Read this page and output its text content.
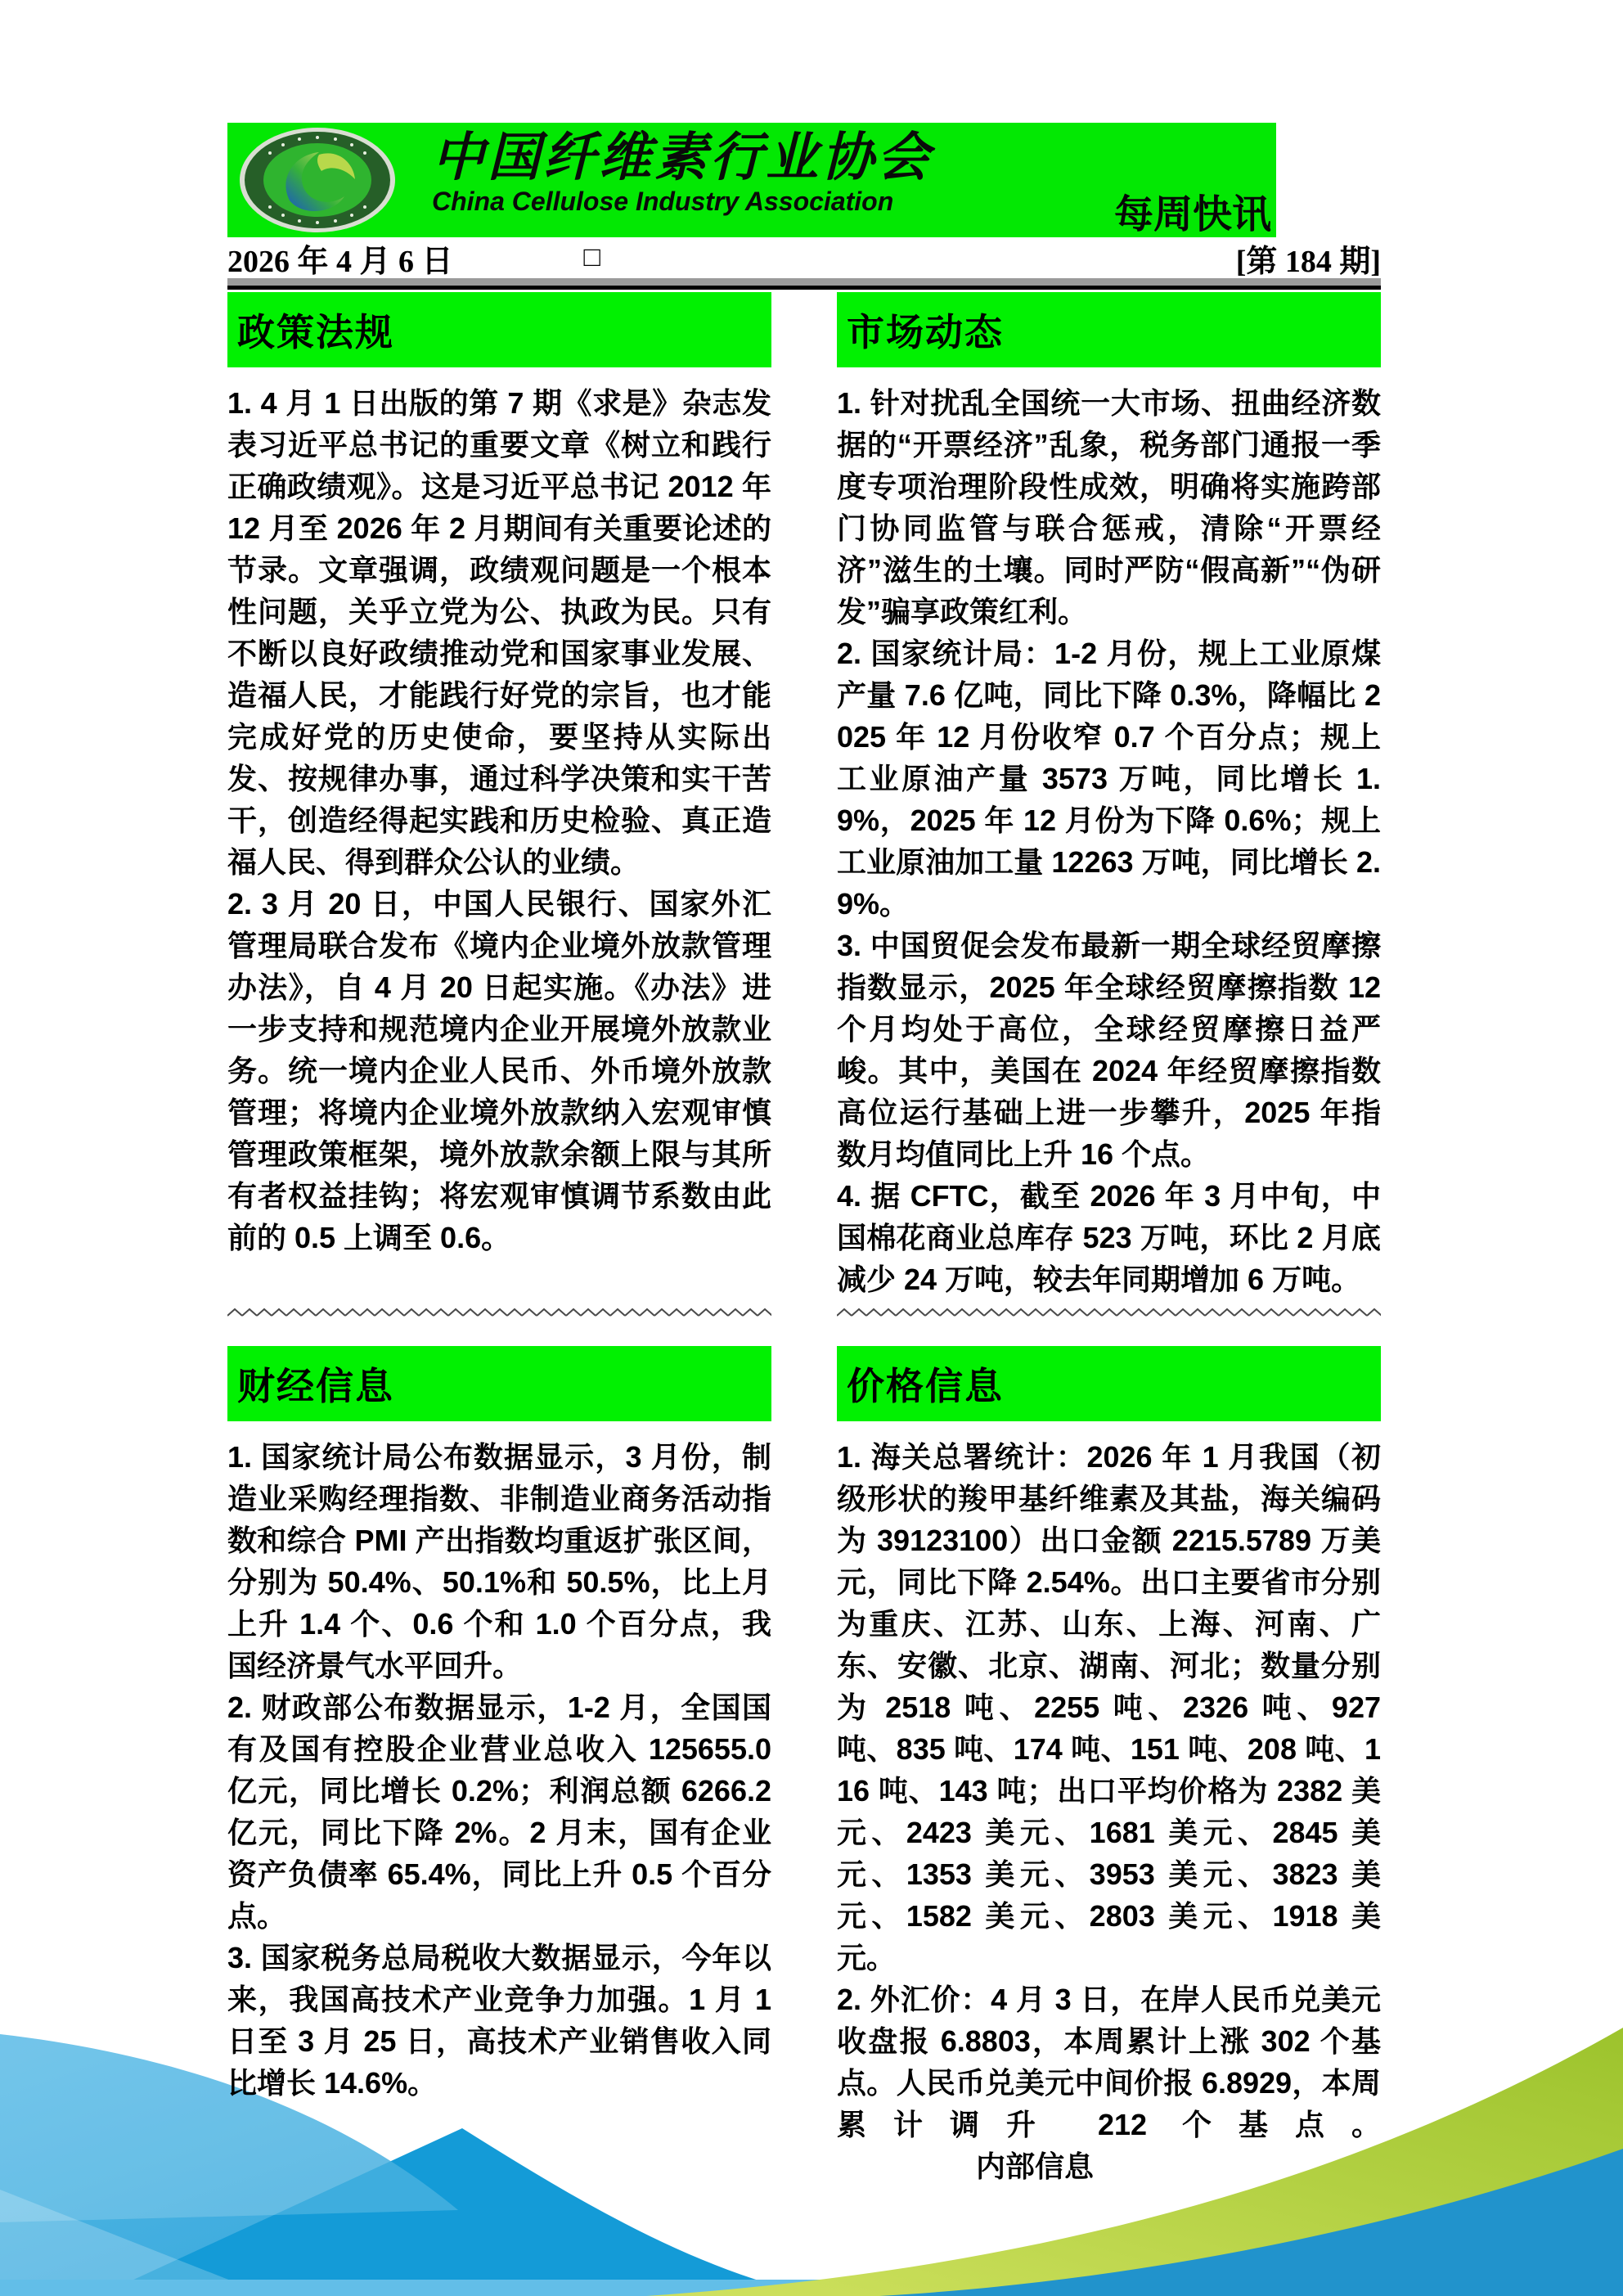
中国纤维素行业协会
China Cellulose Industry Association	每周快讯
2026 年 4 月 6 日	□	[第 184 期]
政策法规

1. 4 月 1 日出版的第 7 期《求是》杂志发表习近平总书记的重要文章《树立和践行正确政绩观》。这是习近平总书记 2012 年 12 月至 2026 年 2 月期间有关重要论述的节录。文章强调，政绩观问题是一个根本性问题，关乎立党为公、执政为民。只有不断以良好政绩推动党和国家事业发展、造福人民，才能践行好党的宗旨，也才能完成好党的历史使命，要坚持从实际出发、按规律办事，通过科学决策和实干苦干，创造经得起实践和历史检验、真正造福人民、得到群众公认的业绩。

2. 3 月 20 日，中国人民银行、国家外汇管理局联合发布《境内企业境外放款管理办法》，自 4 月 20 日起实施。《办法》进一步支持和规范境内企业开展境外放款业务。统一境内企业人民币、外币境外放款管理；将境内企业境外放款纳入宏观审慎管理政策框架，境外放款余额上限与其所有者权益挂钩；将宏观审慎调节系数由此前的 0.5 上调至 0.6。

市场动态

1. 针对扰乱全国统一大市场、扭曲经济数据的“开票经济”乱象，税务部门通报一季度专项治理阶段性成效，明确将实施跨部门协同监管与联合惩戒，清除“开票经济”滋生的土壤。同时严防“假高新”“伪研发”骗享政策红利。

2. 国家统计局：1-2 月份，规上工业原煤产量 7.6 亿吨，同比下降 0.3%，降幅比 2025 年 12 月份收窄 0.7 个百分点；规上工业原油产量 3573 万吨，同比增长 1.9%，2025 年 12 月份为下降 0.6%；规上工业原油加工量 12263 万吨，同比增长 2.9%。

3. 中国贸促会发布最新一期全球经贸摩擦指数显示，2025 年全球经贸摩擦指数 12 个月均处于高位，全球经贸摩擦日益严峻。其中，美国在 2024 年经贸摩擦指数高位运行基础上进一步攀升，2025 年指数月均值同比上升 16 个点。

4. 据 CFTC，截至 2026 年 3 月中旬，中国棉花商业总库存 523 万吨，环比 2 月底减少 24 万吨，较去年同期增加 6 万吨。

财经信息

1. 国家统计局公布数据显示，3 月份，制造业采购经理指数、非制造业商务活动指数和综合 PMI 产出指数均重返扩张区间，分别为 50.4%、50.1%和 50.5%，比上月上升 1.4 个、0.6 个和 1.0 个百分点，我国经济景气水平回升。

2. 财政部公布数据显示，1-2 月，全国国有及国有控股企业营业总收入 125655.0 亿元，同比增长 0.2%；利润总额 6266.2 亿元，同比下降 2%。2 月末，国有企业资产负债率 65.4%，同比上升 0.5 个百分点。

3. 国家税务总局税收大数据显示，今年以来，我国高技术产业竞争力加强。1 月 1 日至 3 月 25 日，高技术产业销售收入同比增长 14.6%。

价格信息

1. 海关总署统计：2026 年 1 月我国（初级形状的羧甲基纤维素及其盐，海关编码为 39123100）出口金额 2215.5789 万美元，同比下降 2.54%。出口主要省市分别为重庆、江苏、山东、上海、河南、广东、安徽、北京、湖南、河北；数量分别为 2518 吨、2255 吨、2326 吨、927 吨、835 吨、174 吨、151 吨、208 吨、116 吨、143 吨；出口平均价格为 2382 美元、2423 美元、1681 美元、2845 美元、1353 美元、3953 美元、3823 美元、1582 美元、2803 美元、1918 美元。

2. 外汇价：4 月 3 日，在岸人民币兑美元收盘报 6.8803，本周累计上涨 302 个基点。人民币兑美元中间价报 6.8929，本周累计调升 212 个基点。内部信息
